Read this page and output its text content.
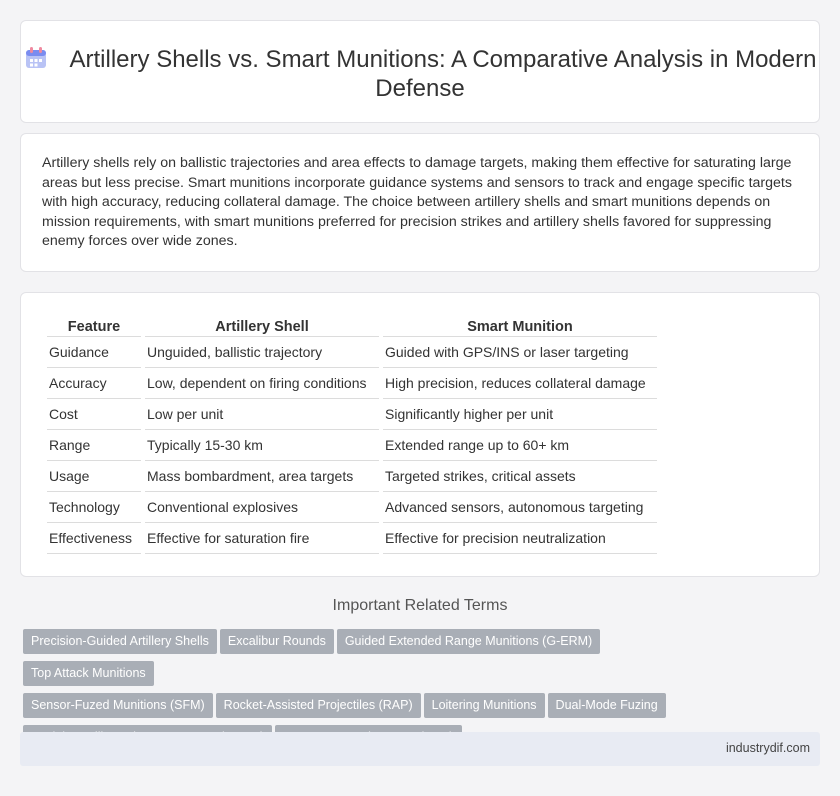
Artillery Shells vs. Smart Munitions: A Comparative Analysis in Modern Defense

Artillery shells rely on ballistic trajectories and area effects to damage targets, making them effective for saturating large areas but less precise. Smart munitions incorporate guidance systems and sensors to track and engage specific targets with high accuracy, reducing collateral damage. The choice between artillery shells and smart munitions depends on mission requirements, with smart munitions preferred for precision strikes and artillery shells favored for suppressing enemy forces over wide zones.

Feature	Artillery Shell	Smart Munition
Guidance	Unguided, ballistic trajectory	Guided with GPS/INS or laser targeting
Accuracy	Low, dependent on firing conditions	High precision, reduces collateral damage
Cost	Low per unit	Significantly higher per unit
Range	Typically 15-30 km	Extended range up to 60+ km
Usage	Mass bombardment, area targets	Targeted strikes, critical assets
Technology	Conventional explosives	Advanced sensors, autonomous targeting
Effectiveness	Effective for saturation fire	Effective for precision neutralization
Important Related Terms
Precision-Guided Artillery Shells Excalibur Rounds Guided Extended Range Munitions (G-ERM)Top Attack Munitions
Sensor-Fuzed Munitions (SFM) Rocket-Assisted Projectiles (RAP) Loitering Munitions Dual-Mode Fuzing

industrydif.com
